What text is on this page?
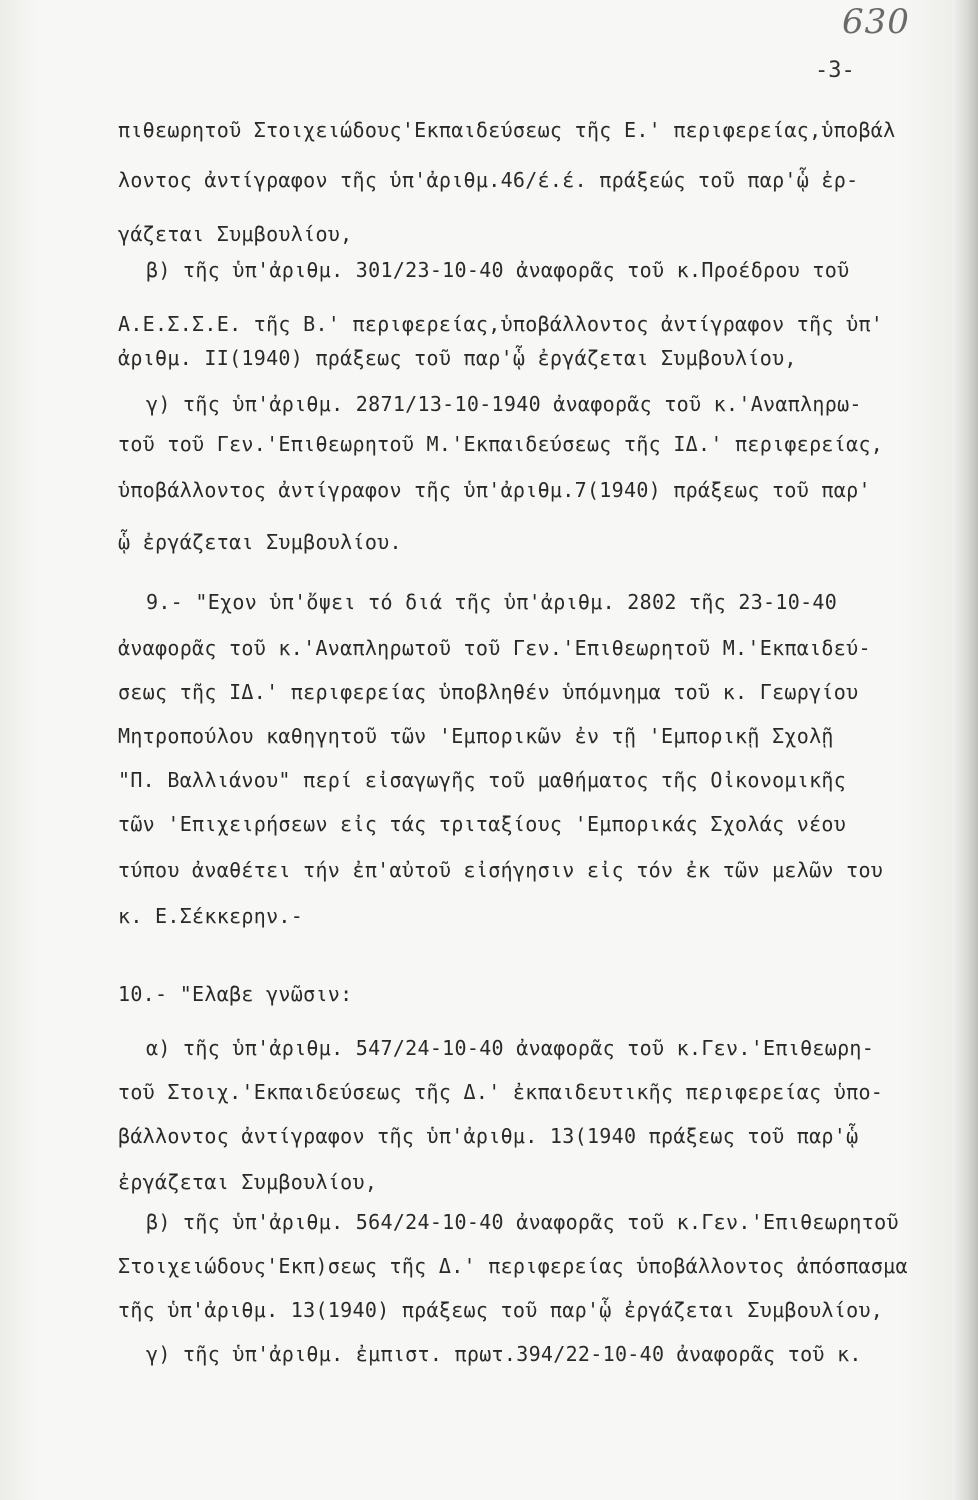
630
-3-
πιθεωρητοῦ Στοιχειώδους'Εκπαιδεύσεως τῆς Ε.' περιφερείας,ὑποβάλ
λοντος ἀντίγραφον τῆς ὑπ'ἀριθμ.46/έ.έ. πράξεώς τοῦ παρ'ᾧ ἐρ-
γάζεται Συμβουλίου,
β) τῆς ὑπ'ἀριθμ. 301/23-10-40 ἀναφορᾶς τοῦ κ.Προέδρου τοῦ
Α.Ε.Σ.Σ.Ε. τῆς Β.' περιφερείας,ὑποβάλλοντος ἀντίγραφον τῆς ὑπ'
ἀριθμ. ΙΙ(1940) πράξεως τοῦ παρ'ᾧ ἐργάζεται Συμβουλίου,
γ) τῆς ὑπ'ἀριθμ. 2871/13-10-1940 ἀναφορᾶς τοῦ κ.'Αναπληρω-
τοῦ τοῦ Γεν.'Επιθεωρητοῦ Μ.'Εκπαιδεύσεως τῆς ΙΔ.' περιφερείας,
ὑποβάλλοντος ἀντίγραφον τῆς ὑπ'ἀριθμ.7(1940) πράξεως τοῦ παρ'
ᾧ ἐργάζεται Συμβουλίου.
9.- "Εχον ὑπ'ὄψει τό διά τῆς ὑπ'ἀριθμ. 2802 τῆς 23-10-40
ἀναφορᾶς τοῦ κ.'Αναπληρωτοῦ τοῦ Γεν.'Επιθεωρητοῦ Μ.'Εκπαιδεύ-
σεως τῆς ΙΔ.' περιφερείας ὑποβληθέν ὑπόμνημα τοῦ κ. Γεωργίου
Μητροπούλου καθηγητοῦ τῶν 'Εμπορικῶν ἐν τῇ 'Εμπορικῇ Σχολῇ
"Π. Βαλλιάνου" περί εἰσαγωγῆς τοῦ μαθήματος τῆς Οἰκονομικῆς
τῶν 'Επιχειρήσεων εἰς τάς τριταξίους 'Εμπορικάς Σχολάς νέου
τύπου ἀναθέτει τήν ἐπ'αὐτοῦ εἰσήγησιν εἰς τόν ἐκ τῶν μελῶν του
κ. Ε.Σέκκερην.-
10.- "Ελαβε γνῶσιν:
α) τῆς ὑπ'ἀριθμ. 547/24-10-40 ἀναφορᾶς τοῦ κ.Γεν.'Επιθεωρη-
τοῦ Στοιχ.'Εκπαιδεύσεως τῆς Δ.' ἐκπαιδευτικῆς περιφερείας ὑπο-
βάλλοντος ἀντίγραφον τῆς ὑπ'ἀριθμ. 13(1940 πράξεως τοῦ παρ'ᾧ
ἐργάζεται Συμβουλίου,
β) τῆς ὑπ'ἀριθμ. 564/24-10-40 ἀναφορᾶς τοῦ κ.Γεν.'Επιθεωρητοῦ
Στοιχειώδους'Εκπ)σεως τῆς Δ.' περιφερείας ὑποβάλλοντος ἀπόσπασμα
τῆς ὑπ'ἀριθμ. 13(1940) πράξεως τοῦ παρ'ᾧ ἐργάζεται Συμβουλίου,
γ) τῆς ὑπ'ἀριθμ. ἐμπιστ. πρωτ.394/22-10-40 ἀναφορᾶς τοῦ κ.
